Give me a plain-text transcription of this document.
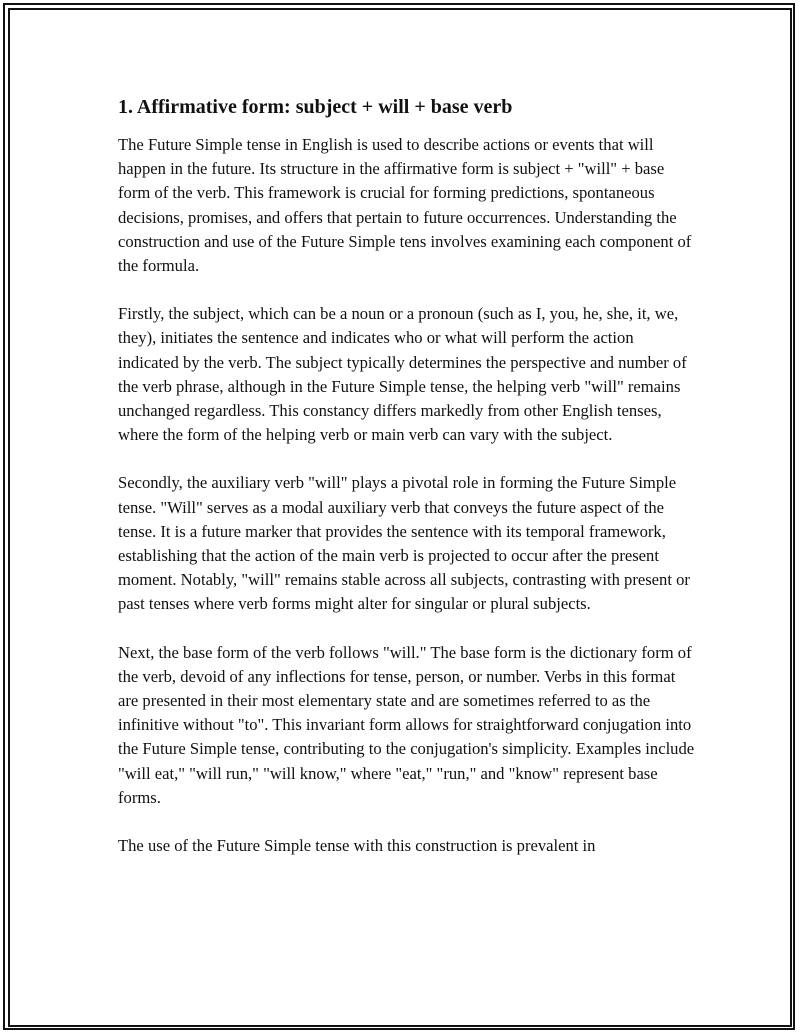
1. Affirmative form: subject + will + base verb

The Future Simple tense in English is used to describe actions or events that will happen in the future. Its structure in the affirmative form is subject + "will" + base form of the verb. This framework is crucial for forming predictions, spontaneous decisions, promises, and offers that pertain to future occurrences. Understanding the construction and use of the Future Simple tens involves examining each component of the formula.

Firstly, the subject, which can be a noun or a pronoun (such as I, you, he, she, it, we, they), initiates the sentence and indicates who or what will perform the action indicated by the verb. The subject typically determines the perspective and number of the verb phrase, although in the Future Simple tense, the helping verb "will" remains unchanged regardless. This constancy differs markedly from other English tenses, where the form of the helping verb or main verb can vary with the subject.

Secondly, the auxiliary verb "will" plays a pivotal role in forming the Future Simple tense. "Will" serves as a modal auxiliary verb that conveys the future aspect of the tense. It is a future marker that provides the sentence with its temporal framework, establishing that the action of the main verb is projected to occur after the present moment. Notably, "will" remains stable across all subjects, contrasting with present or past tenses where verb forms might alter for singular or plural subjects.

Next, the base form of the verb follows "will." The base form is the dictionary form of the verb, devoid of any inflections for tense, person, or number. Verbs in this format are presented in their most elementary state and are sometimes referred to as the infinitive without "to". This invariant form allows for straightforward conjugation into the Future Simple tense, contributing to the conjugation's simplicity. Examples include "will eat," "will run," "will know," where "eat," "run," and "know" represent base forms.

The use of the Future Simple tense with this construction is prevalent in
